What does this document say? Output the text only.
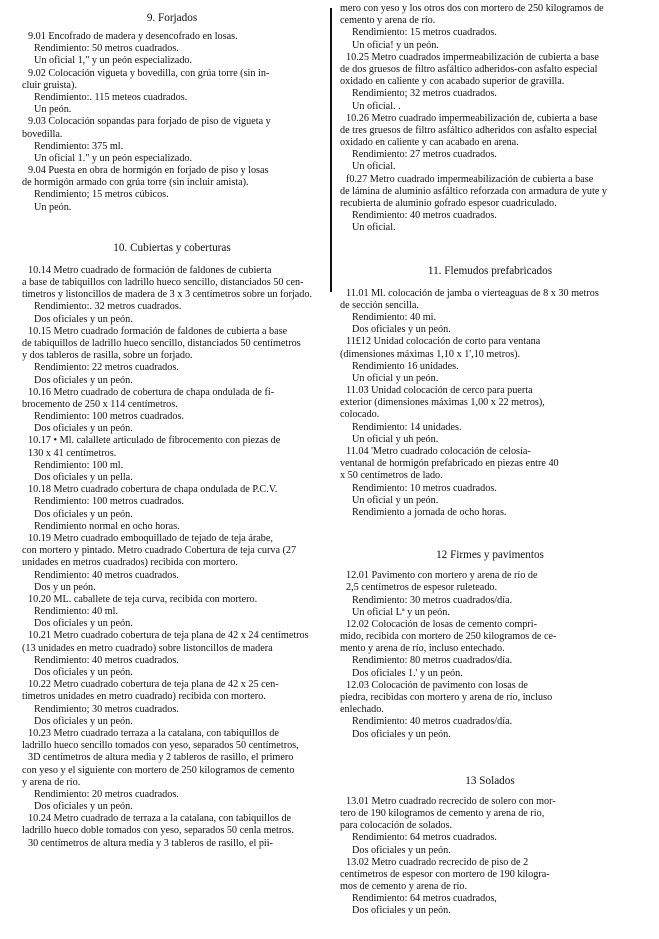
9. Forjados
9.01 Encofrado de madera y desencofrado en losas.
Rendimiento: 50 metros cuadrados.
Un oficial 1," y un peón especializado.
9.02 Colocación vigueta y bovedilla, con grúa torre (sin in-
cluir gruista).
Rendimiento:. 115 meteos cuadrados.
Un peón.
9.03 Colocación sopandas para forjado de piso de vigueta y
bovedilla.
Rendimiento: 375 ml.
Un oficial 1." y un peón especializado.
9.04 Puesta en obra de hormigón en forjado de piso y losas
de hormigón armado con grúa torre (sin incluir amista).
Rendimiento; 15 metros cúbicos.
Un peón.
10. Cubiertas y coberturas
10.14 Metro cuadrado de formación de faldones de cubierta
a base de tabiquillos con ladrillo hueco sencillo, distanciados 50 cen-
tímetros y listoncillos de madera de 3 x 3 centímetros sobre un forjado.
Rendimiento:. 32 metros cuadrados.
Dos oficiales y un peón.
10.15 Metro cuadrado formación de faldones de cubierta a base
de tabiquillos de ladrillo hueco sencillo, distanciados 50 centímetros
y dos tableros de rasilla, sobre un forjado.
Rendimiento: 22 metros cuadrados.
Dos oficiales y un peón.
10.16 Metro cuadrado de cobertura de chapa ondulada de fi-
brocemento de 250 x 114 centímetros.
Rendimiento: 100 metros cuadrados.
Dos oficiales y un peón.
10.17 • Ml. calallete articulado de fibrocemento con piezas de
130 x 41 centímetros.
Rendimiento: 100 ml.
Dos oficiales y un pella.
10.18 Metro cuadrado cobertura de chapa ondulada de P.C.V.
Rendimiento: 100 metros cuadrados.
Dos oficiales y un peón.
Rendimiento normal en ocho horas.
10.19 Metro cuadrado emboquillado de tejado de teja árabe,
con mortero y pintado. Metro cuadrado Cobertura de teja curva (27
unidades en metros cuadrados) recibida con mortero.
Rendimiento: 40 metros cuadrados.
Dos y un peón.
10.20 ML. caballete de teja curva, recibida con mortero.
Rendimiento: 40 ml.
Dos oficiales y un peón.
10.21 Metro cuadrado cobertura de teja plana de 42 x 24 centímetros
(13 unidades en metro cuadrado) sobre listoncillos de madera
Rendimiento: 40 metros cuadrados.
Dos oficiales y un peón.
10.22 Metro cuadrado cobertura de teja plana de 42 x 25 cen-
tímetros unidades en metro cuadrado) recibida con mortero.
Rendimiento; 30 metros cuadrados.
Dos oficiales y un peón.
10.23 Metro cuadrado terraza a la catalana, con tabiquillos de
ladrillo hueco sencillo tomados con yeso, separados 50 centímetros,
3D centímetros de altura media y 2 tableros de rasillo, el primero
con yeso y el siguiente con mortero de 250 kilogramos de cemento
y arena de río.
Rendimiento: 20 metros cuadrados.
Dos oficiales y un peón.
10.24 Metro cuadrado de terraza a la catalana, con tabiquillos de
ladrillo hueco doble tomados con yeso, separados 50 cenla metros.
30 centímetros de altura media y 3 tableros de rasillo, el pii-
mero con yeso y los otros dos con mortero de 250 kilogramos de
cemento y arena de río.
Rendimiento: 15 metros cuadrados.
Un oficia! y un peón.
10.25 Metro cuadrados impermeabilización de cubierta a base
de dos gruesos de filtro asfáltico adheridos-con asfalto especial
oxidado en caliente y con acabado superior de gravilla.
Rendimiento; 32 metros cuadrados.
Un oficial. .
10.26 Metro cuadrado impermeabilización de, cubierta a base
de tres gruesos de filtro asfáltico adheridos con asfalto especial
oxidado en caliente y can acabado en arena.
Rendimiento: 27 metros cuadrados.
Un oficial.
f0.27 Metro cuadrado impermeabilización de cubierta a base
de lámina de aluminio asfáltico reforzada con armadura de yute y
recubierta de aluminio gofrado espesor cuadriculado.
Rendimiento: 40 metros cuadrados.
Un oficial.
11. Flemudos prefabricados
11.01 Ml. colocación de jamba o vierteaguas de 8 x 30 metros
de sección sencilla.
Rendimiento: 40 mi.
Dos oficiales y un peón.
11£12 Unidad colocación de corto para ventana
(dimensiones máximas 1,10 x 1',10 metros).
Rendimiento 16 unidades.
Un oficial y un peón.
11.03 Unidad colocación de cerco para puerta
exterior (dimensiones máximas 1,00 x 22 metros),
colocado.
Rendimiento: 14 unidades.
Un oficial y uh peón.
11.04 'Metro cuadrado colocación de celosía-
ventanal de hormigón prefabricado en piezas entre 40
x 50 centímetros de lado.
Rendimiento: 10 metros cuadrados.
Un oficial y un peón.
Rendimiento a jornada de ocho horas.
12 Firmes y pavimentos
12.01 Pavimento con mortero y arena de río de
2,5 centímetros de espesor ruleteado.
Rendimiento: 30 metros cuadrados/día.
Un oficial Lª y un peón.
12.02 Colocación de losas de cemento compri-
mido, recibida con mortero de 250 kilogramos de ce-
mento y arena de río, incluso entechado.
Rendimiento: 80 metros cuadrados/día.
Dos oficiales 1.' y un peón.
12.03 Colocación de pavimento con losas de
piedra, recibidas con mortero y arena de río, incluso
enlechado.
Rendimiento: 40 metros cuadrados/día.
Dos oficiales y un peón.
13 Solados
13.01 Metro cuadrado recrecido de solero con mor-
tero de 190 kilogramos de cemento y arena de río,
para colocación de solados.
Rendimiento: 64 metros cuadrados.
Dos oficiales y un peón.
13.02 Metro cuadrado recrecido de piso de 2
centímetros de espesor con mortero de 190 kilogra-
mos de cemento y arena de río.
Rendimiento: 64 metros cuadrados,
Dos oficiales y un peón.
